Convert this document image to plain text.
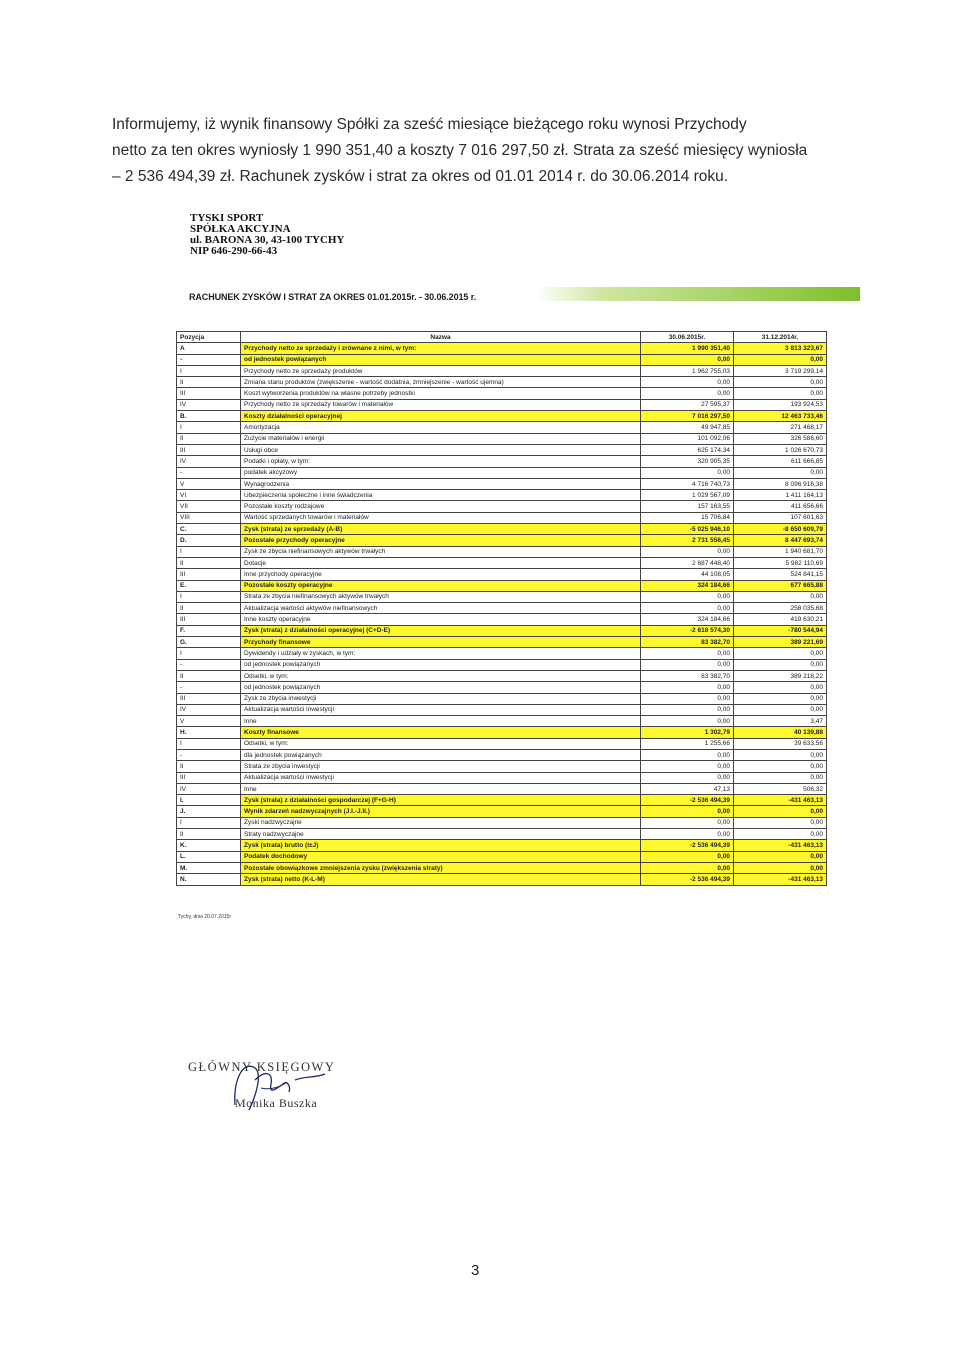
Informujemy, iż wynik finansowy Spółki za sześć miesiące bieżącego roku wynosi Przychody

netto za ten okres wyniosły 1 990 351,40 a koszty 7 016 297,50 zł. Strata za sześć miesięcy wyniosła

– 2 536 494,39 zł. Rachunek zysków i strat za okres od 01.01 2014 r. do 30.06.2014 roku.

TYSKI SPORT
SPÓŁKA AKCYJNA
ul. BARONA 30, 43-100 TYCHY
NIP 646-290-66-43
RACHUNEK ZYSKÓW I STRAT ZA OKRES 01.01.2015r. - 30.06.2015 r.
Pozycja	Nazwa	30.06.2015r.	31.12.2014r.
A	Przychody netto ze sprzedaży i zrównane z nimi, w tym:	1 990 351,40	3 813 323,67
-	od jednostek powiązanych	0,00	0,00
I	Przychody netto ze sprzedaży produktów	1 962 755,03	3 719 299,14
II	Zmiana stanu produktów (zwiększenie - wartość dodatnia, zmniejszenie - wartość ujemna)	0,00	0,00
III	Koszt wytworzenia produktów na własne potrzeby jednostki	0,00	0,00
IV	Przychody netto ze sprzedaży towarów i materiałów	27 595,37	193 924,53
B.	Koszty działalności operacyjnej	7 016 297,50	12 463 733,46
I	Amortyzacja	49 947,85	271 468,17
II	Zużycie materiałów i energii	101 092,06	326 586,60
III	Usługi obce	625 174,34	1 026 670,73
IV	Podatki i opłaty, w tym:	320 905,35	611 666,85
-	podatek akcyzowy	0,00	0,00
V	Wynagrodzenia	4 716 740,73	8 096 916,38
VI	Ubezpieczenia społeczne i inne świadczenia	1 029 567,09	1 411 164,13
VII	Pozostałe koszty rodzajowe	157 163,55	411 656,66
VIII	Wartość sprzedanych towarów i materiałów	15 706,84	107 601,63
C.	Zysk (strata) ze sprzedaży (A-B)	-5 025 946,10	-8 650 609,79
D.	Pozostałe przychody operacyjne	2 731 556,45	8 447 693,74
I	Zysk ze zbycia niefinansowych aktywów trwałych	0,00	1 940 681,70
II	Dotacje	2 687 448,40	5 982 110,69
III	Inne przychody operacyjne	44 108,05	524 841,15
E.	Pozostałe koszty operacyjne	324 184,66	677 665,88
I	Strata ze zbycia niefinansowych aktywów trwałych	0,00	0,00
II	Aktualizacja wartości aktywów niefinansowych	0,00	258 035,68
III	Inne koszty operacyjne	324 184,66	419 630,21
F.	Zysk (strata) z działalności operacyjnej (C+D-E)	-2 618 574,30	-780 544,94
G.	Przychody finansowe	83 382,70	389 221,69
I	Dywidendy i udziały w zyskach, w tym:	0,00	0,00
-	od jednostek powiązanych	0,00	0,00
II	Odsetki, w tym:	83 382,70	389 218,22
-	od jednostek powiązanych	0,00	0,00
III	Zysk ze zbycia inwestycji	0,00	0,00
IV	Aktualizacja wartości inwestycji	0,00	0,00
V	Inne	0,00	3,47
H.	Koszty finansowe	1 302,79	40 139,88
I	Odsetki, w tym:	1 255,66	39 633,56
-	dla jednostek powiązanych	0,00	0,00
II	Strata ze zbycia inwestycji	0,00	0,00
III	Aktualizacja wartości inwestycji	0,00	0,00
IV	Inne	47,13	506,32
I.	Zysk (strata) z działalności gospodarczej (F+G-H)	-2 536 494,39	-431 463,13
J.	Wynik zdarzeń nadzwyczajnych (J.I.-J.II.)	0,00	0,00
I	Zyski nadzwyczajne	0,00	0,00
II	Straty nadzwyczajne	0,00	0,00
K.	Zysk (strata) brutto (I±J)	-2 536 494,39	-431 463,13
L.	Podatek dochodowy	0,00	0,00
M.	Pozostałe obowiązkowe zmniejszenia zysku (zwiększenia straty)	0,00	0,00
N.	Zysk (strata) netto (K-L-M)	-2 536 494,39	-431 463,13
Tychy, dnia 20.07.2015r
GŁÓWNY KSIĘGOWY
Monika Buszka
3
